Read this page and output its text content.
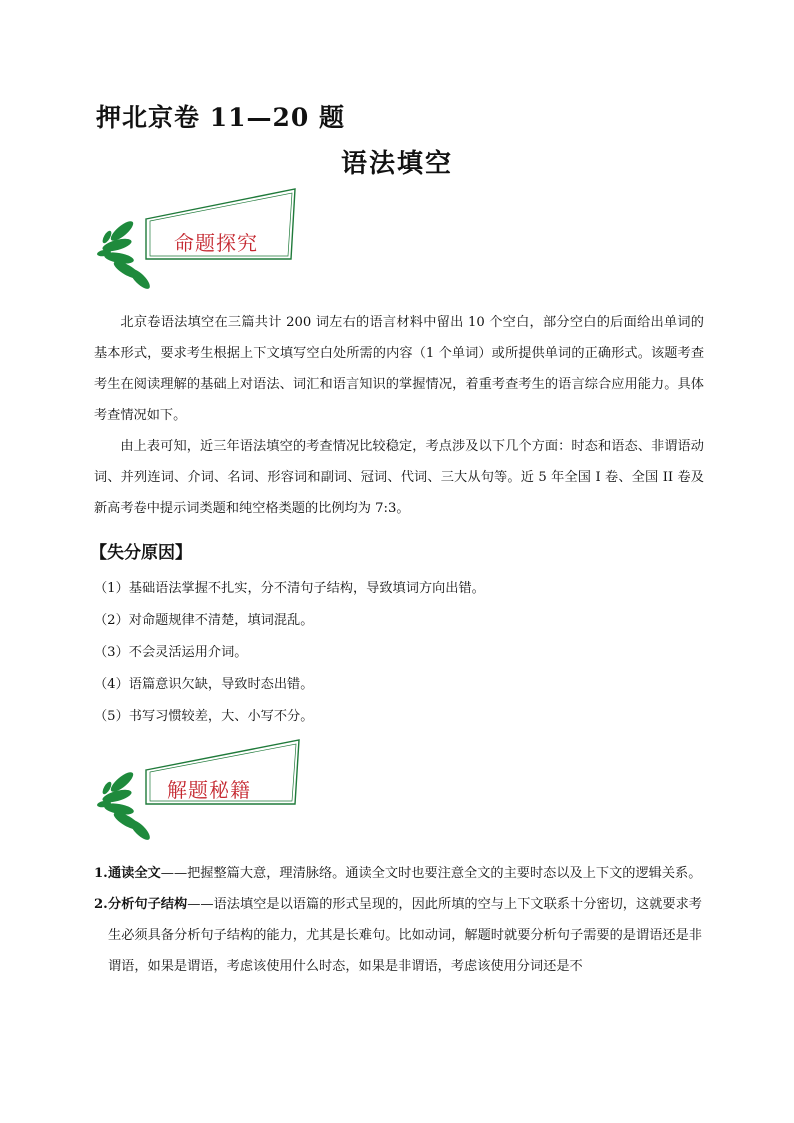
押北京卷 11—20 题
语法填空
命题探究

北京卷语法填空在三篇共计 200 词左右的语言材料中留出 10 个空白，部分空白的后面给出单词的基本形式，要求考生根据上下文填写空白处所需的内容（1 个单词）或所提供单词的正确形式。该题考查考生在阅读理解的基础上对语法、词汇和语言知识的掌握情况，着重考查考生的语言综合应用能力。具体考查情况如下。

由上表可知，近三年语法填空的考查情况比较稳定，考点涉及以下几个方面：时态和语态、非谓语动词、并列连词、介词、名词、形容词和副词、冠词、代词、三大从句等。近 5 年全国 I 卷、全国 II 卷及新高考卷中提示词类题和纯空格类题的比例均为 7:3。

【失分原因】
（1）基础语法掌握不扎实，分不清句子结构，导致填词方向出错。
（2）对命题规律不清楚，填词混乱。
（3）不会灵活运用介词。
（4）语篇意识欠缺，导致时态出错。
（5）书写习惯较差，大、小写不分。
解题秘籍
1. 通读全文——把握整篇大意，理清脉络。通读全文时也要注意全文的主要时态以及上下文的逻辑关系。
2. 分析句子结构——语法填空是以语篇的形式呈现的，因此所填的空与上下文联系十分密切，这就要求考生必须具备分析句子结构的能力，尤其是长难句。比如动词，解题时就要分析句子需要的是谓语还是非谓语，如果是谓语，考虑该使用什么时态，如果是非谓语，考虑该使用分词还是不
